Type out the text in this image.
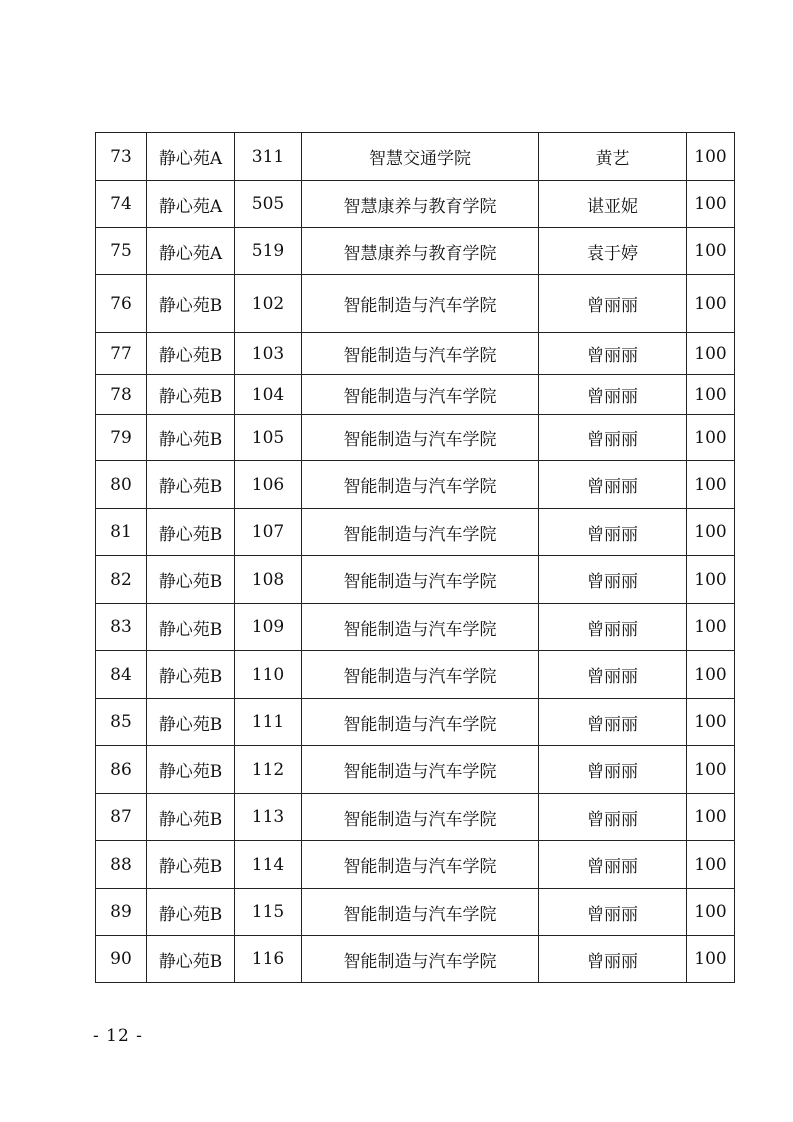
73	静心苑A	311	智慧交通学院	黄艺	100
74	静心苑A	505	智慧康养与教育学院	谌亚妮	100
75	静心苑A	519	智慧康养与教育学院	袁于婷	100
76	静心苑B	102	智能制造与汽车学院	曾丽丽	100
77	静心苑B	103	智能制造与汽车学院	曾丽丽	100
78	静心苑B	104	智能制造与汽车学院	曾丽丽	100
79	静心苑B	105	智能制造与汽车学院	曾丽丽	100
80	静心苑B	106	智能制造与汽车学院	曾丽丽	100
81	静心苑B	107	智能制造与汽车学院	曾丽丽	100
82	静心苑B	108	智能制造与汽车学院	曾丽丽	100
83	静心苑B	109	智能制造与汽车学院	曾丽丽	100
84	静心苑B	110	智能制造与汽车学院	曾丽丽	100
85	静心苑B	111	智能制造与汽车学院	曾丽丽	100
86	静心苑B	112	智能制造与汽车学院	曾丽丽	100
87	静心苑B	113	智能制造与汽车学院	曾丽丽	100
88	静心苑B	114	智能制造与汽车学院	曾丽丽	100
89	静心苑B	115	智能制造与汽车学院	曾丽丽	100
90	静心苑B	116	智能制造与汽车学院	曾丽丽	100
- 12 -
